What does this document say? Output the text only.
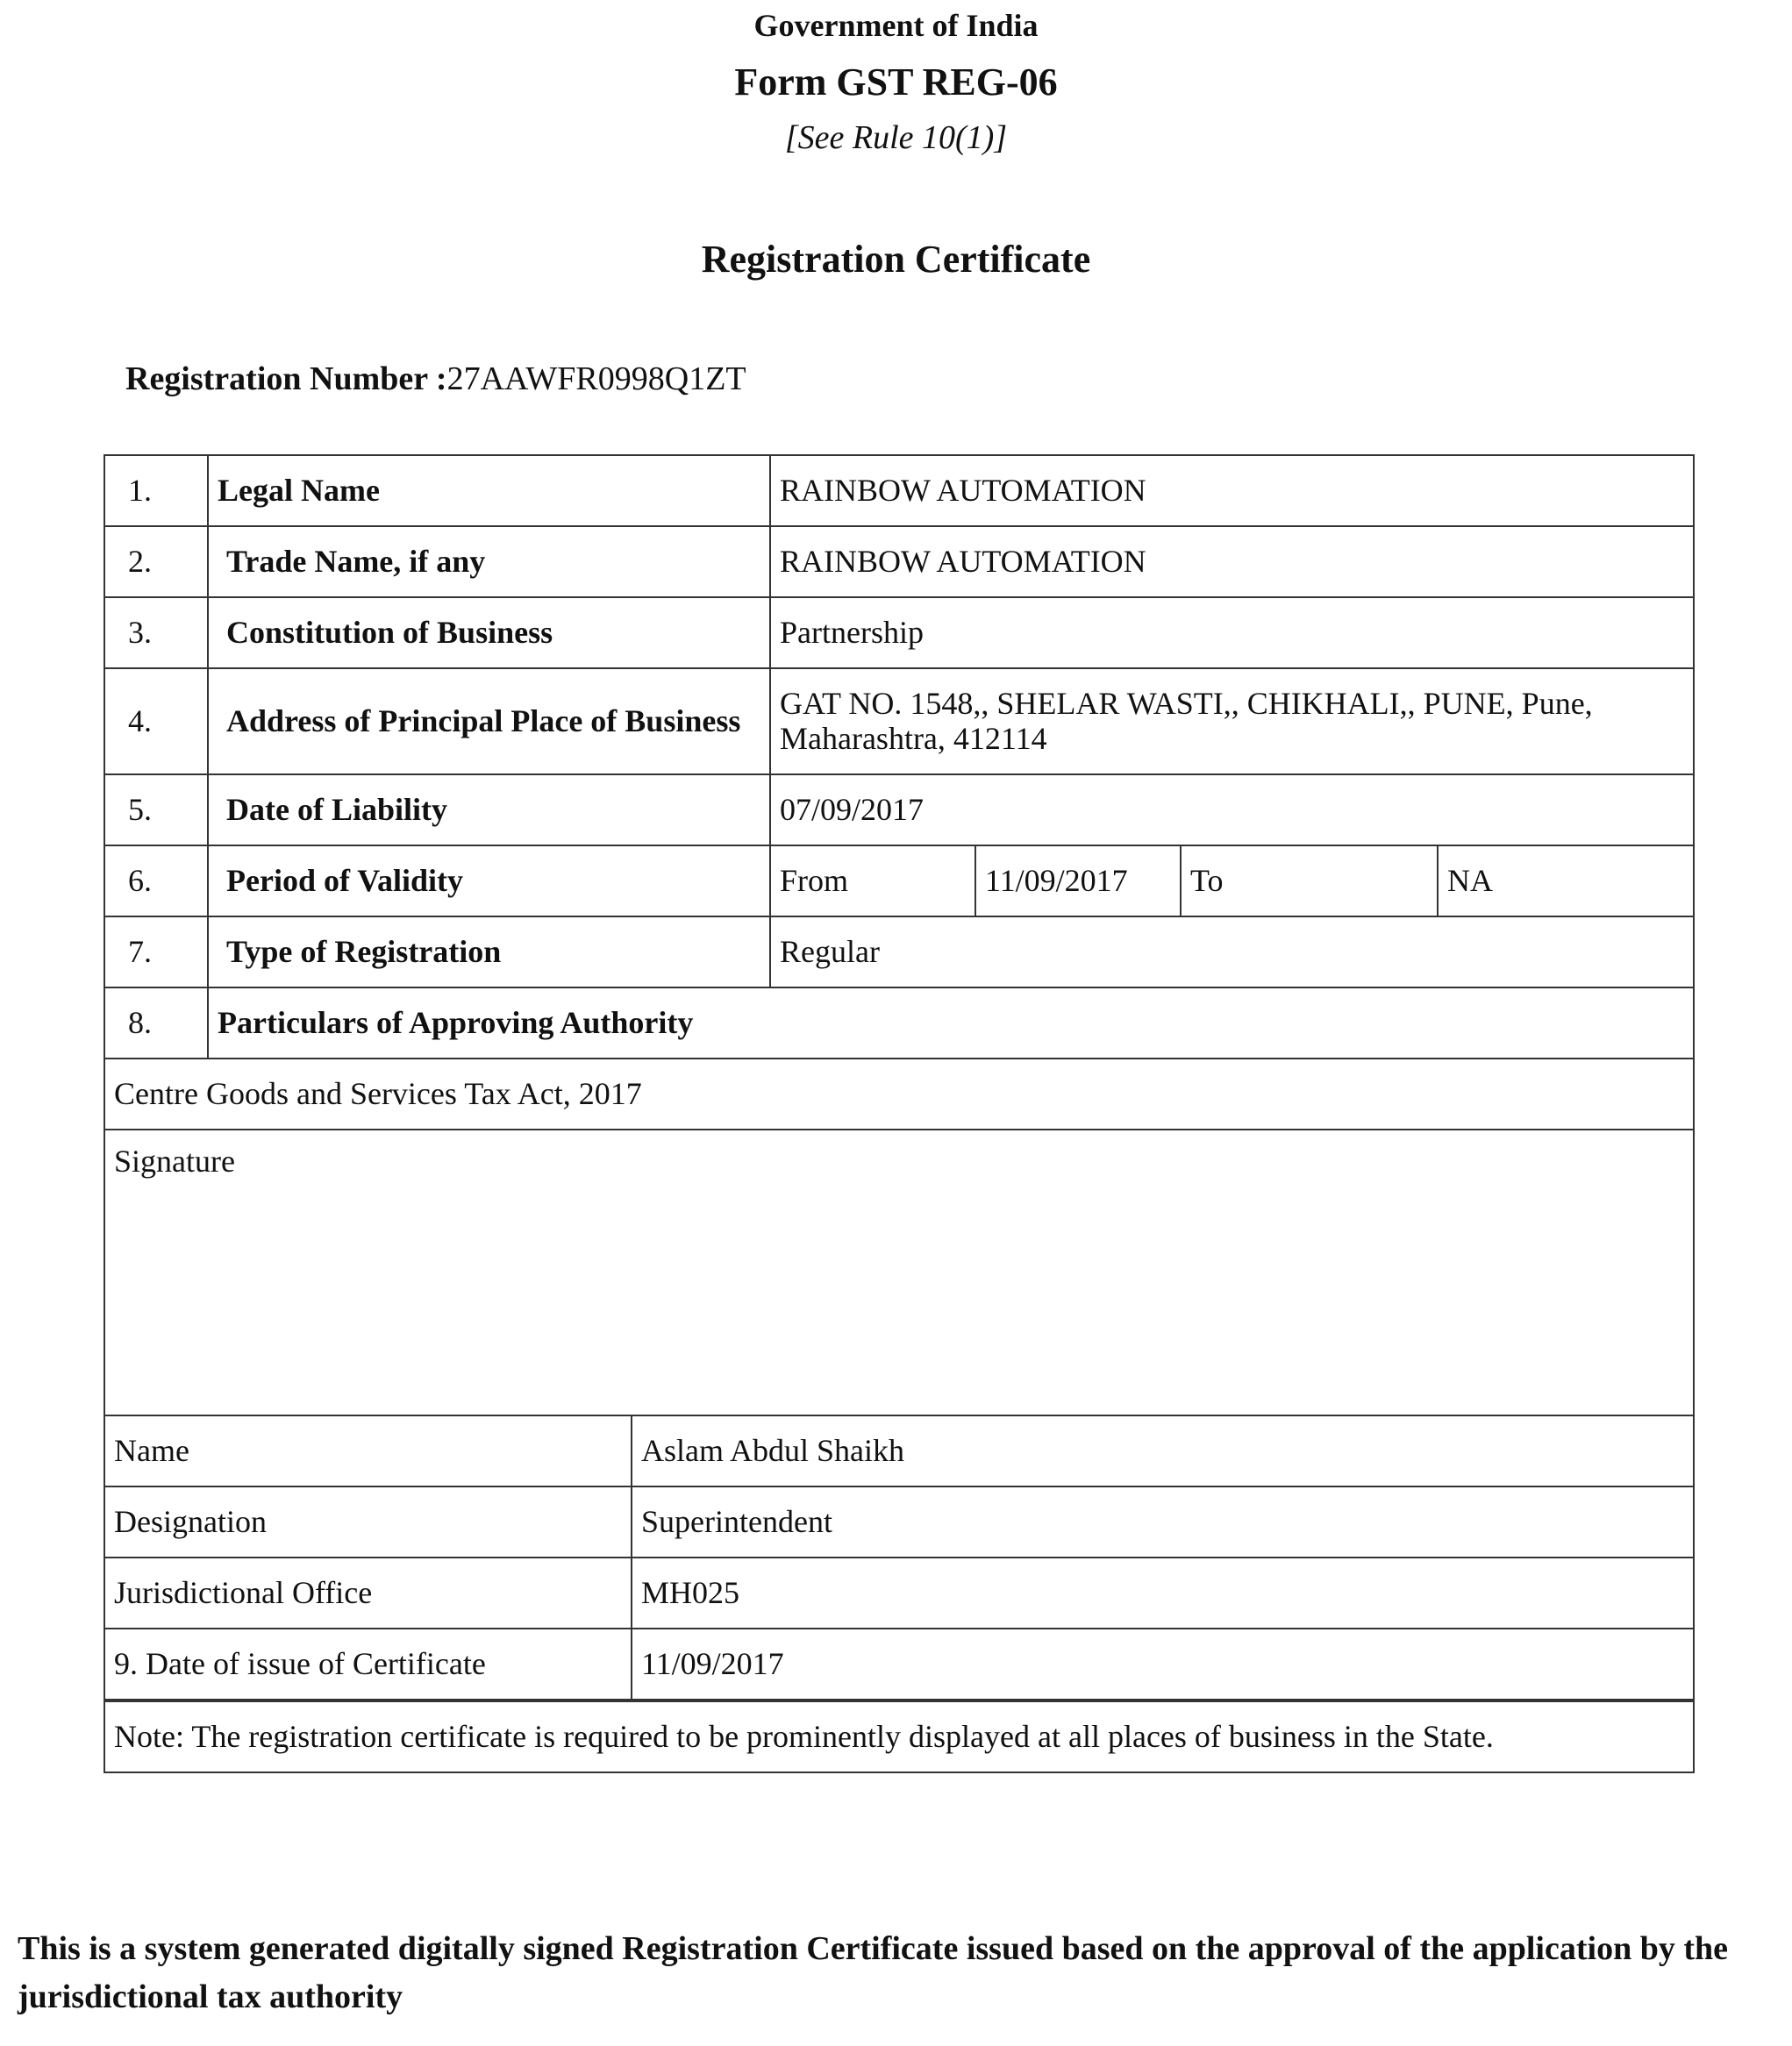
Government of India
Form GST REG-06
[See Rule 10(1)]
Registration Certificate
Registration Number :27AAWFR0998Q1ZT
1.	Legal Name	RAINBOW AUTOMATION
2.	Trade Name, if any	RAINBOW AUTOMATION
3.	Constitution of Business	Partnership
4.	Address of Principal Place of Business	GAT NO. 1548,, SHELAR WASTI,, CHIKHALI,, PUNE, Pune, Maharashtra, 412114
5.	Date of Liability	07/09/2017
6.	Period of Validity	From	11/09/2017	To	NA
7.	Type of Registration	Regular
8.	Particulars of Approving Authority
Centre Goods and Services Tax Act, 2017
Signature

Name	Aslam Abdul Shaikh
Designation	Superintendent
Jurisdictional Office	MH025
9. Date of issue of Certificate	11/09/2017

Note: The registration certificate is required to be prominently displayed at all places of business in the State.
This is a system generated digitally signed Registration Certificate issued based on the approval of the application by the jurisdictional tax authority
